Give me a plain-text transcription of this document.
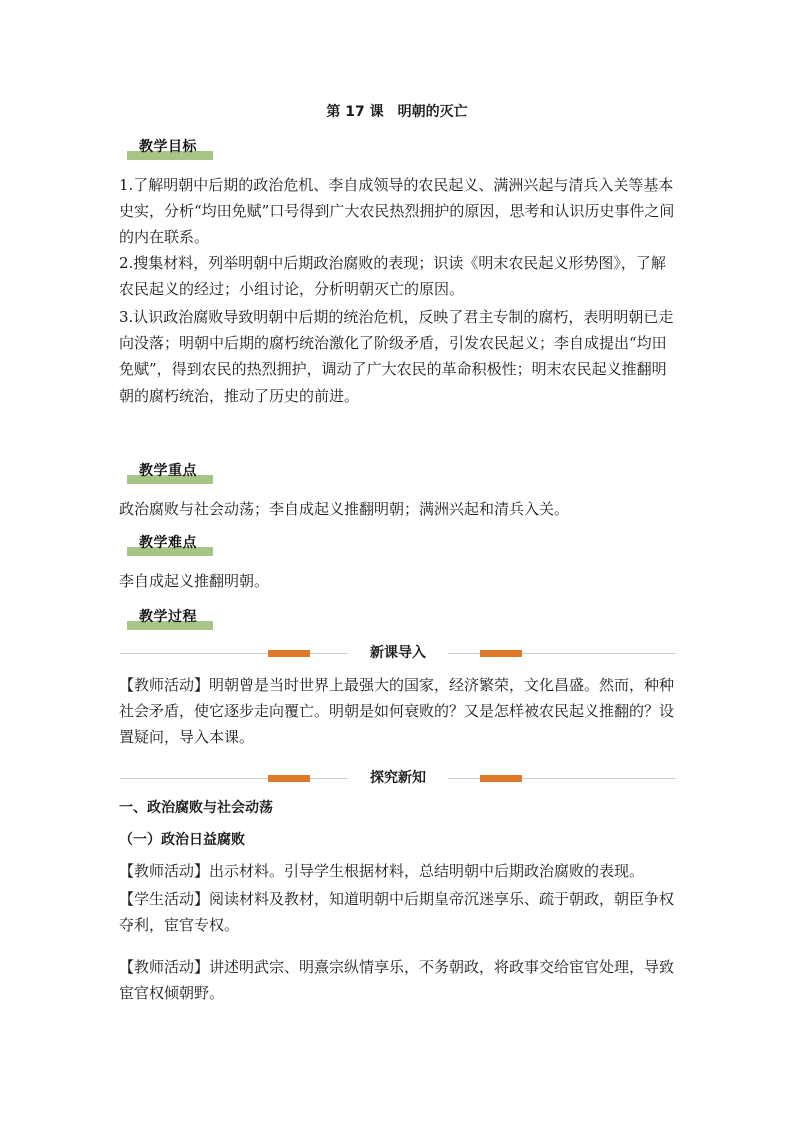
第 17 课　明朝的灭亡
教学目标
1.了解明朝中后期的政治危机、李自成领导的农民起义、满洲兴起与清兵入关等基本史实，分析“均田免赋”口号得到广大农民热烈拥护的原因，思考和认识历史事件之间的内在联系。
2.搜集材料，列举明朝中后期政治腐败的表现；识读《明末农民起义形势图》，了解农民起义的经过；小组讨论，分析明朝灭亡的原因。
3.认识政治腐败导致明朝中后期的统治危机，反映了君主专制的腐朽，表明明朝已走向没落；明朝中后期的腐朽统治激化了阶级矛盾，引发农民起义；李自成提出“均田免赋”，得到农民的热烈拥护，调动了广大农民的革命积极性；明末农民起义推翻明朝的腐朽统治，推动了历史的前进。
教学重点
政治腐败与社会动荡；李自成起义推翻明朝；满洲兴起和清兵入关。
教学难点
李自成起义推翻明朝。
教学过程
新课导入
【教师活动】明朝曾是当时世界上最强大的国家，经济繁荣，文化昌盛。然而，种种社会矛盾，使它逐步走向覆亡。明朝是如何衰败的？又是怎样被农民起义推翻的？设置疑问，导入本课。
探究新知
一、政治腐败与社会动荡
（一）政治日益腐败
【教师活动】出示材料。引导学生根据材料，总结明朝中后期政治腐败的表现。
【学生活动】阅读材料及教材，知道明朝中后期皇帝沉迷享乐、疏于朝政，朝臣争权夺利，宦官专权。
【教师活动】讲述明武宗、明熹宗纵情享乐，不务朝政，将政事交给宦官处理，导致宦官权倾朝野。
